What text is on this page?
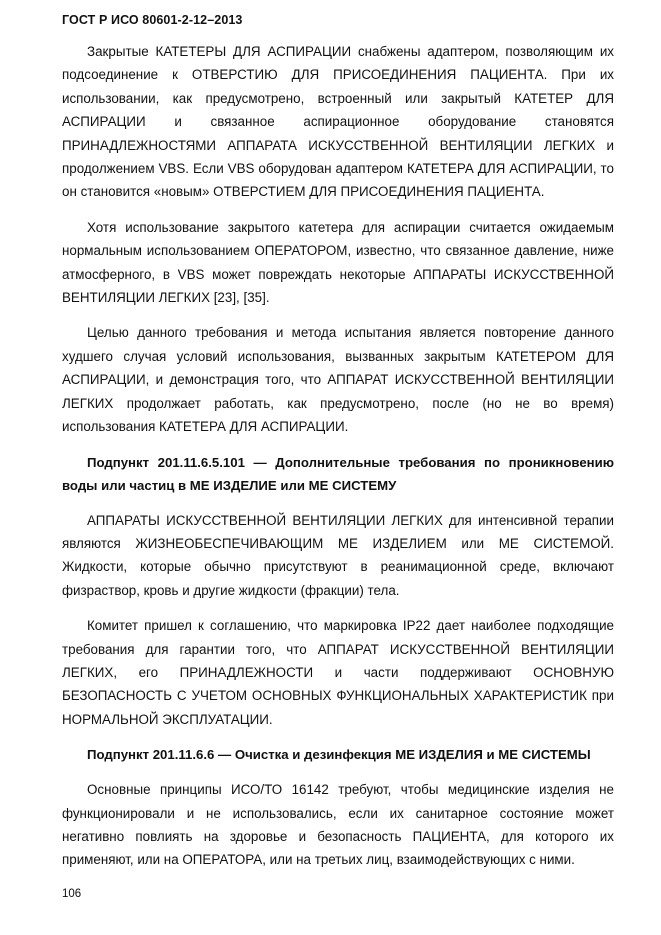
ГОСТ Р ИСО 80601-2-12–2013

Закрытые КАТЕТЕРЫ ДЛЯ АСПИРАЦИИ снабжены адаптером, позволяющим их подсоединение к ОТВЕРСТИЮ ДЛЯ ПРИСОЕДИНЕНИЯ ПАЦИЕНТА. При их использовании, как предусмотрено, встроенный или закрытый КАТЕТЕР ДЛЯ АСПИРАЦИИ и связанное аспирационное оборудование становятся ПРИНАДЛЕЖНОСТЯМИ АППАРАТА ИСКУССТВЕННОЙ ВЕНТИЛЯЦИИ ЛЕГКИХ и продолжением VBS. Если VBS оборудован адаптером КАТЕТЕРА ДЛЯ АСПИРАЦИИ, то он становится «новым» ОТВЕРСТИЕМ ДЛЯ ПРИСОЕДИНЕНИЯ ПАЦИЕНТА.

Хотя использование закрытого катетера для аспирации считается ожидаемым нормальным использованием ОПЕРАТОРОМ, известно, что связанное давление, ниже атмосферного, в VBS может повреждать некоторые АППАРАТЫ ИСКУССТВЕННОЙ ВЕНТИЛЯЦИИ ЛЕГКИХ [23], [35].

Целью данного требования и метода испытания является повторение данного худшего случая условий использования, вызванных закрытым КАТЕТЕРОМ ДЛЯ АСПИРАЦИИ, и демонстрация того, что АППАРАТ ИСКУССТВЕННОЙ ВЕНТИЛЯЦИИ ЛЕГКИХ продолжает работать, как предусмотрено, после (но не во время) использования КАТЕТЕРА ДЛЯ АСПИРАЦИИ.

Подпункт 201.11.6.5.101 — Дополнительные требования по проникновению воды или частиц в МЕ ИЗДЕЛИЕ или МЕ СИСТЕМУ

АППАРАТЫ ИСКУССТВЕННОЙ ВЕНТИЛЯЦИИ ЛЕГКИХ для интенсивной терапии являются ЖИЗНЕОБЕСПЕЧИВАЮЩИМ МЕ ИЗДЕЛИЕМ или МЕ СИСТЕМОЙ. Жидкости, которые обычно присутствуют в реанимационной среде, включают физраствор, кровь и другие жидкости (фракции) тела.

Комитет пришел к соглашению, что маркировка IP22 дает наиболее подходящие требования для гарантии того, что АППАРАТ ИСКУССТВЕННОЙ ВЕНТИЛЯЦИИ ЛЕГКИХ, его ПРИНАДЛЕЖНОСТИ и части поддерживают ОСНОВНУЮ БЕЗОПАСНОСТЬ С УЧЕТОМ ОСНОВНЫХ ФУНКЦИОНАЛЬНЫХ ХАРАКТЕРИСТИК при НОРМАЛЬНОЙ ЭКСПЛУАТАЦИИ.

Подпункт 201.11.6.6 — Очистка и дезинфекция МЕ ИЗДЕЛИЯ и МЕ СИСТЕМЫ

Основные принципы ИСО/ТО 16142 требуют, чтобы медицинские изделия не функционировали и не использовались, если их санитарное состояние может негативно повлиять на здоровье и безопасность ПАЦИЕНТА, для которого их применяют, или на ОПЕРАТОРА, или на третьих лиц, взаимодействующих с ними.

106
